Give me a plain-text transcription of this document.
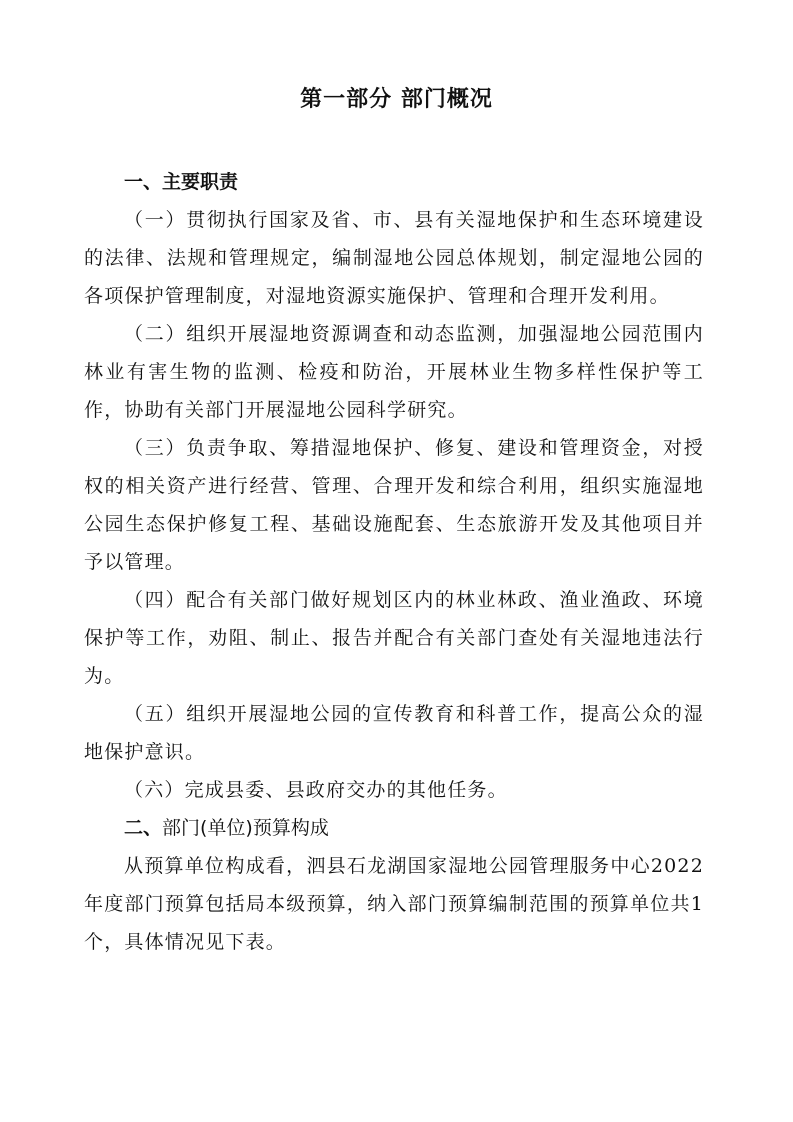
第一部分 部门概况
一、主要职责

（一）贯彻执行国家及省、市、县有关湿地保护和生态环境建设的法律、法规和管理规定，编制湿地公园总体规划，制定湿地公园的各项保护管理制度，对湿地资源实施保护、管理和合理开发利用。

（二）组织开展湿地资源调查和动态监测，加强湿地公园范围内林业有害生物的监测、检疫和防治，开展林业生物多样性保护等工作，协助有关部门开展湿地公园科学研究。

（三）负责争取、筹措湿地保护、修复、建设和管理资金，对授权的相关资产进行经营、管理、合理开发和综合利用，组织实施湿地公园生态保护修复工程、基础设施配套、生态旅游开发及其他项目并予以管理。

（四）配合有关部门做好规划区内的林业林政、渔业渔政、环境保护等工作，劝阻、制止、报告并配合有关部门查处有关湿地违法行为。

（五）组织开展湿地公园的宣传教育和科普工作，提高公众的湿地保护意识。

（六）完成县委、县政府交办的其他任务。

二、部门(单位)预算构成

从预算单位构成看，泗县石龙湖国家湿地公园管理服务中心2022年度部门预算包括局本级预算，纳入部门预算编制范围的预算单位共1个，具体情况见下表。
